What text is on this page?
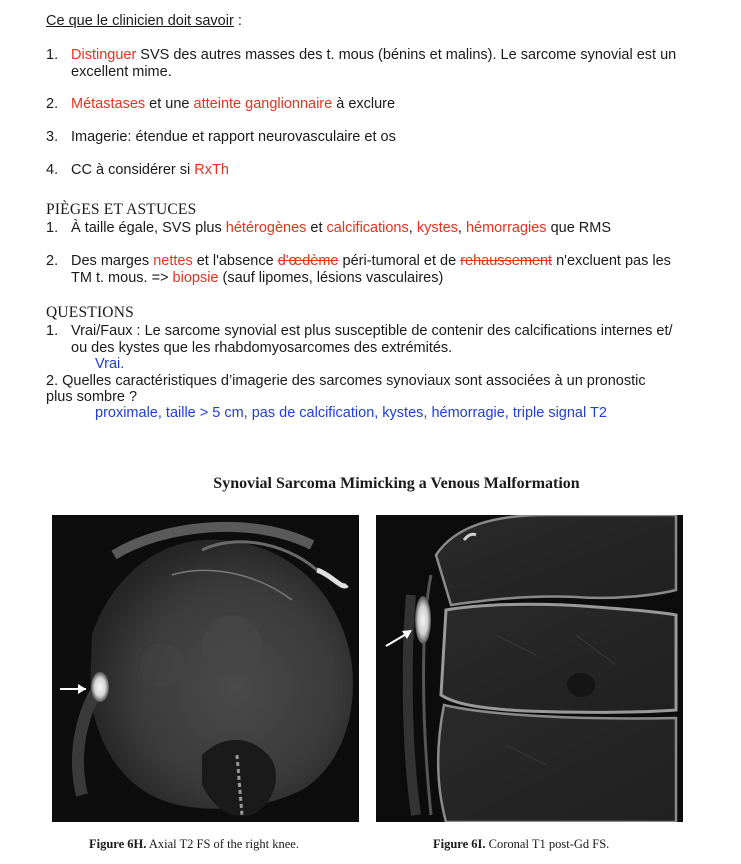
Ce que le clinicien doit savoir :
1. Distinguer SVS des autres masses des t. mous (bénins et malins). Le sarcome synovial est un
excellent mime.
2. Métastases et une atteinte ganglionnaire à exclure
3. Imagerie: étendue et rapport neurovasculaire et os
4. CC à considérer si RxTh
PIÈGES ET ASTUCES
1. À taille égale, SVS plus hétérogènes et calcifications, kystes, hémorragies que RMS
2. Des marges nettes et l'absence d'œdème péri-tumoral et de rehaussement n'excluent pas les
TM t. mous. => biopsie (sauf lipomes, lésions vasculaires)
QUESTIONS
1. Vrai/Faux : Le sarcome synovial est plus susceptible de contenir des calcifications internes et/
ou des kystes que les rhabdomyosarcomes des extrémités.
Vrai.
2. Quelles caractéristiques d’imagerie des sarcomes synoviaux sont associées à un pronostic
plus sombre ?
proximale, taille > 5 cm, pas de calcification, kystes, hémorragie, triple signal T2
Synovial Sarcoma Mimicking a Venous Malformation
Figure 6H. Axial T2 FS of the right knee.	Figure 6I. Coronal T1 post-Gd FS.
